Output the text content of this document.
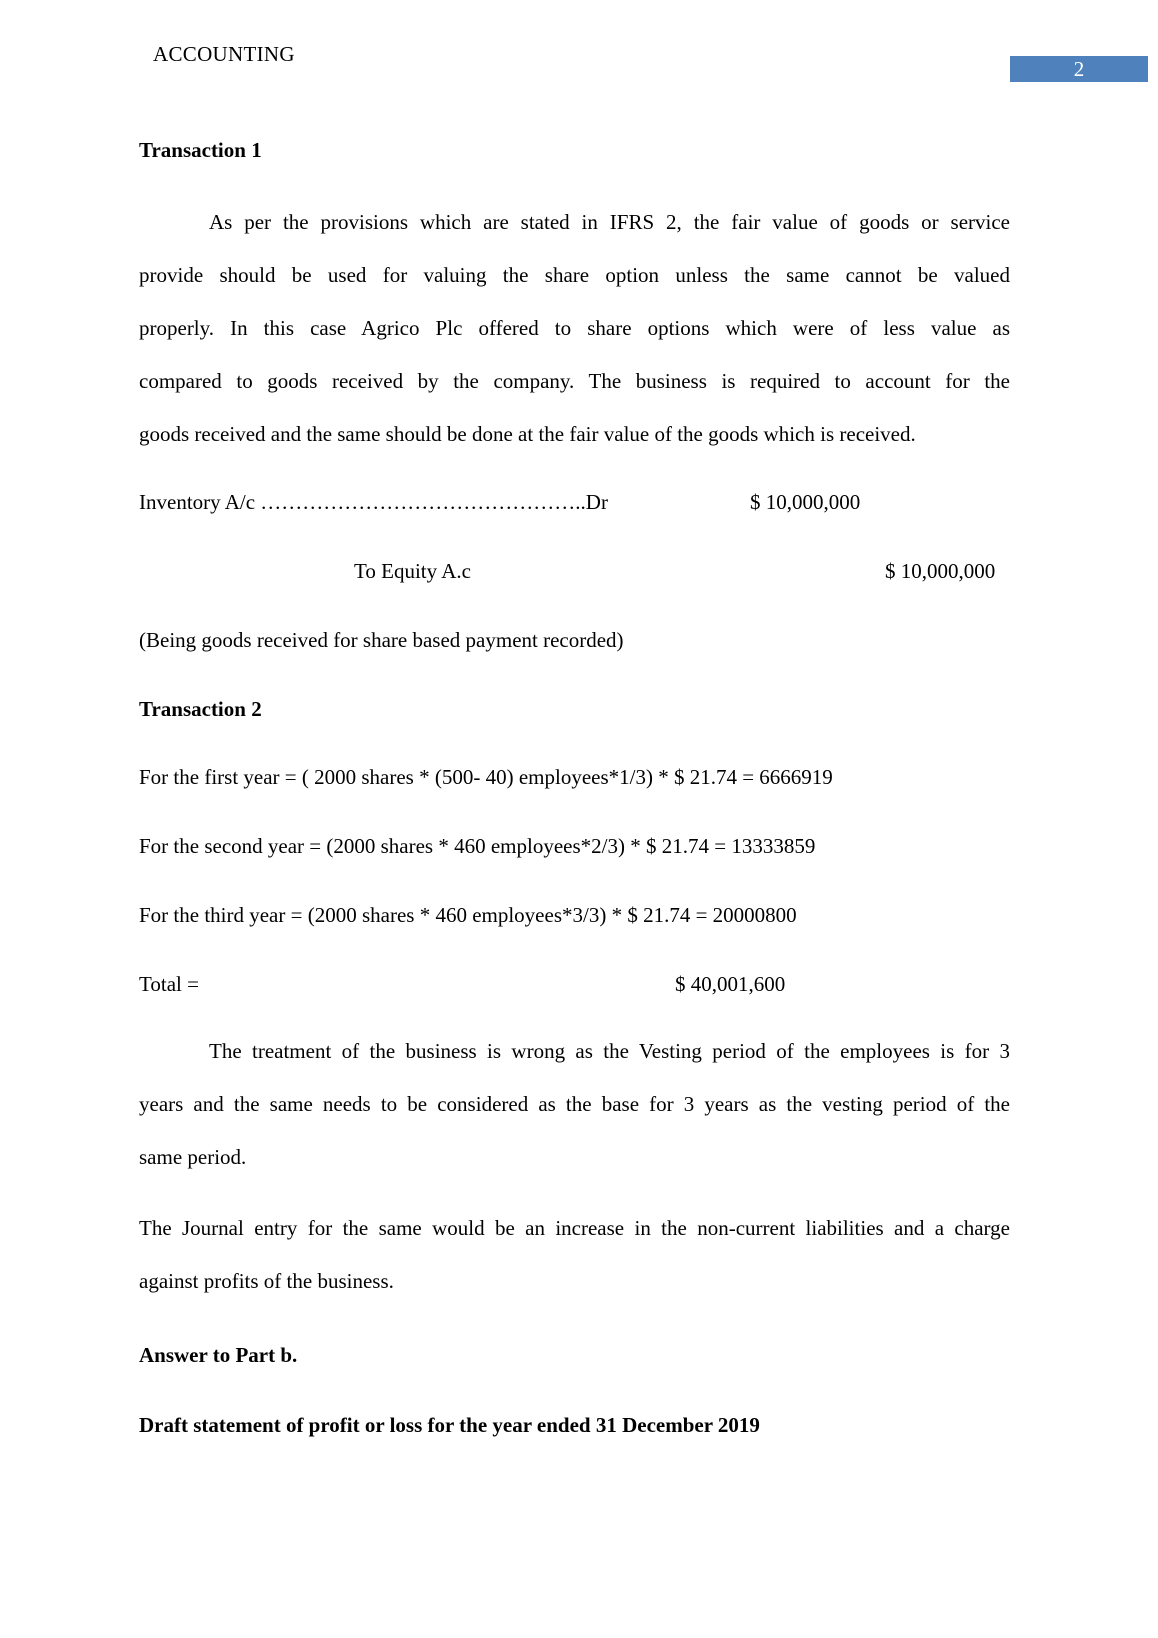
ACCOUNTING
2
Transaction 1
As per the provisions which are stated in IFRS 2, the fair value of goods or service
provide should be used for valuing the share option unless the same cannot be valued
properly. In this case Agrico Plc offered to share options which were of less value as
compared to goods received by the company. The business is required to account for the
goods received and the same should be done at the fair value of the goods which is received.
Inventory A/c ………………………………………..Dr	$ 10,000,000
To Equity A.c	$ 10,000,000
(Being goods received for share based payment recorded)
Transaction 2
For the first year = ( 2000 shares * (500- 40) employees*1/3) * $ 21.74 = 6666919
For the second year = (2000 shares * 460 employees*2/3) * $ 21.74 = 13333859
For the third year = (2000 shares * 460 employees*3/3) * $ 21.74 = 20000800
Total =	$ 40,001,600
The treatment of the business is wrong as the Vesting period of the employees is for 3
years and the same needs to be considered as the base for 3 years as the vesting period of the
same period.
The Journal entry for the same would be an increase in the non-current liabilities and a charge
against profits of the business.
Answer to Part b.
Draft statement of profit or loss for the year ended 31 December 2019
